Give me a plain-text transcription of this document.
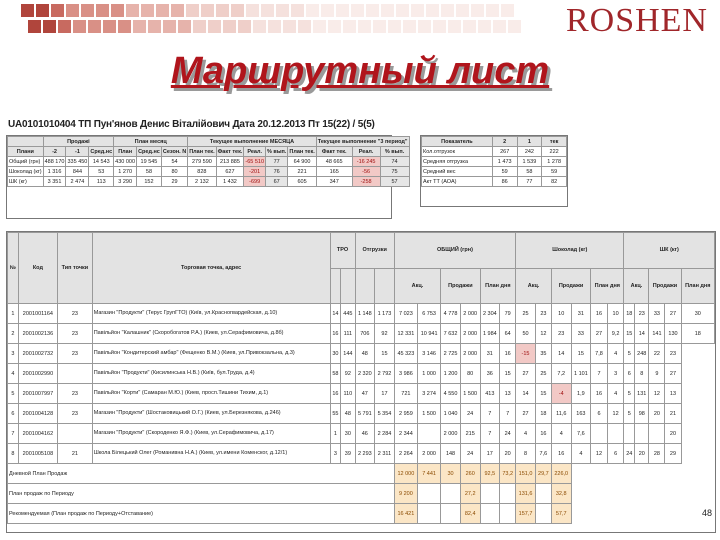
ROSHEN
Маршрутный лист
UA0101010404 ТП Пун'янов Денис Віталійович Дата 20.12.2013 Пт 15(22) / 5(5)
	Продажі			План месяц			Текущее выполнение МЕСЯЦА					Текущее выполнение "3 период"		
Плани	-2	-1	Сред.нс	План	Сред.нс	Сезон. N	План тек.	Факт тек.	Реал.	% вып.	План тек.	Факт тек.	Реал.	% вып.
Общий (грн)	488 170	335 450	14 543	430 000	19 545	54	279 590	213 885	-65 510	77	64 900	48 665	-16 245	74
Шоколад (кг)	1 316	844	53	1 270	58	80	828	627	-201	76	221	165	-56	75
ШК (кг)	3 351	2 474	113	3 290	152	29	2 132	1 432	-699	67	605	347	-258	57
Показатель	2	1	тек
Кол.отгрузок	267	242	222
Средняя отгрузка	1 473	1 539	1 278
Средний вес	59	58	59
Акт ТТ (АОА)	86	77	82
№	Код	Тип точки	Торговая точка, адрес	ТРО		Отгрузки		ОБЩИЙ (грн)						Шоколад (кг)						ШК (кг)				
								Акц.		Продажи		План дня		Акц.		Продажи		План дня		Акц.		Продажи		План дня
1	2001001164	23	Магазин "Продукти" (Терус ГрупГТО) (Київ, ул.Красногвардейская, д.10)	14	445	1 148	1 173	7 023	6 753	4 778	2 000	2 304	79	25	23	10	31	16	10	18	23	33	27	30
2	2001002136	23	Павільйон "Калашник" (Скоробогатов Р.А.) (Киев, ул.Серафимовича, д.8б)	16	111	706	92	12 331	10 941	7 632	2 000	1 984	64	50	12	23	33	27	9,2	15	14	141	130	18
3	2001002732	23	Павільйон "Кондитерский амбар" (Фещенко В.М.) (Киев, ул.Привокзальна, д.3)	30	144	48	15	45 323	3 146	2 725	2 000	31	16	-15	35	14	15	7,8	4	5	248	22	23	
4	2001002990		Павільйон "Продукти" (Кисилинська Н.В.) (Київ, бул.Труда, д.4)	58	92	2 320	2 792	3 986	1 000	1 200	80	36	15	27	25	7,2	1 101	7	3	6	8	9	27	
5	2001007997	23	Павільйон "Корти" (Самаран М.Ю.) (Киев, просп.Тишини Тихим, д.1)	16	110	47	17	721	3 274	4 550	1 500	413	13	14	15	-4	1,9	16	4	5	131	12	13	
6	2001004128	23	Магазин "Продукти" (Шостаковицький О.Г.) (Киев, ул.Березнякова, д.246)	55	48	5 791	5 354	2 959	1 500	1 040	24	7	7	27	18	11,6	163	6	12	5	98	20	21	
7	2001004162		Магазин "Продукти" (Скороденко Я.Ф.) (Киев, ул.Серафимовича, д.17)	1	30	46	2 284	2 344		2 000	215	7	24	4	16	4	7,6						20	
8	2001005108	21	Школа Білецький Олег (Романивна Н.А.) (Киев, ул.имени Коменског, д.12/1)	3	39	2 293	2 311	2 264	2 000	148	24	17	20	8	7,6	16	4	12	6	24	20	28	29	
Дневной План Продаж								12 000	7 441	30	260	92,5	73,2	151,0	29,7	226,0								
План продаж по Периоду								9 200			27,2			131,6		32,8								
Рекомендуемая (План продаж по Периоду+Отставание)								16 421			82,4			157,7		57,7									48
